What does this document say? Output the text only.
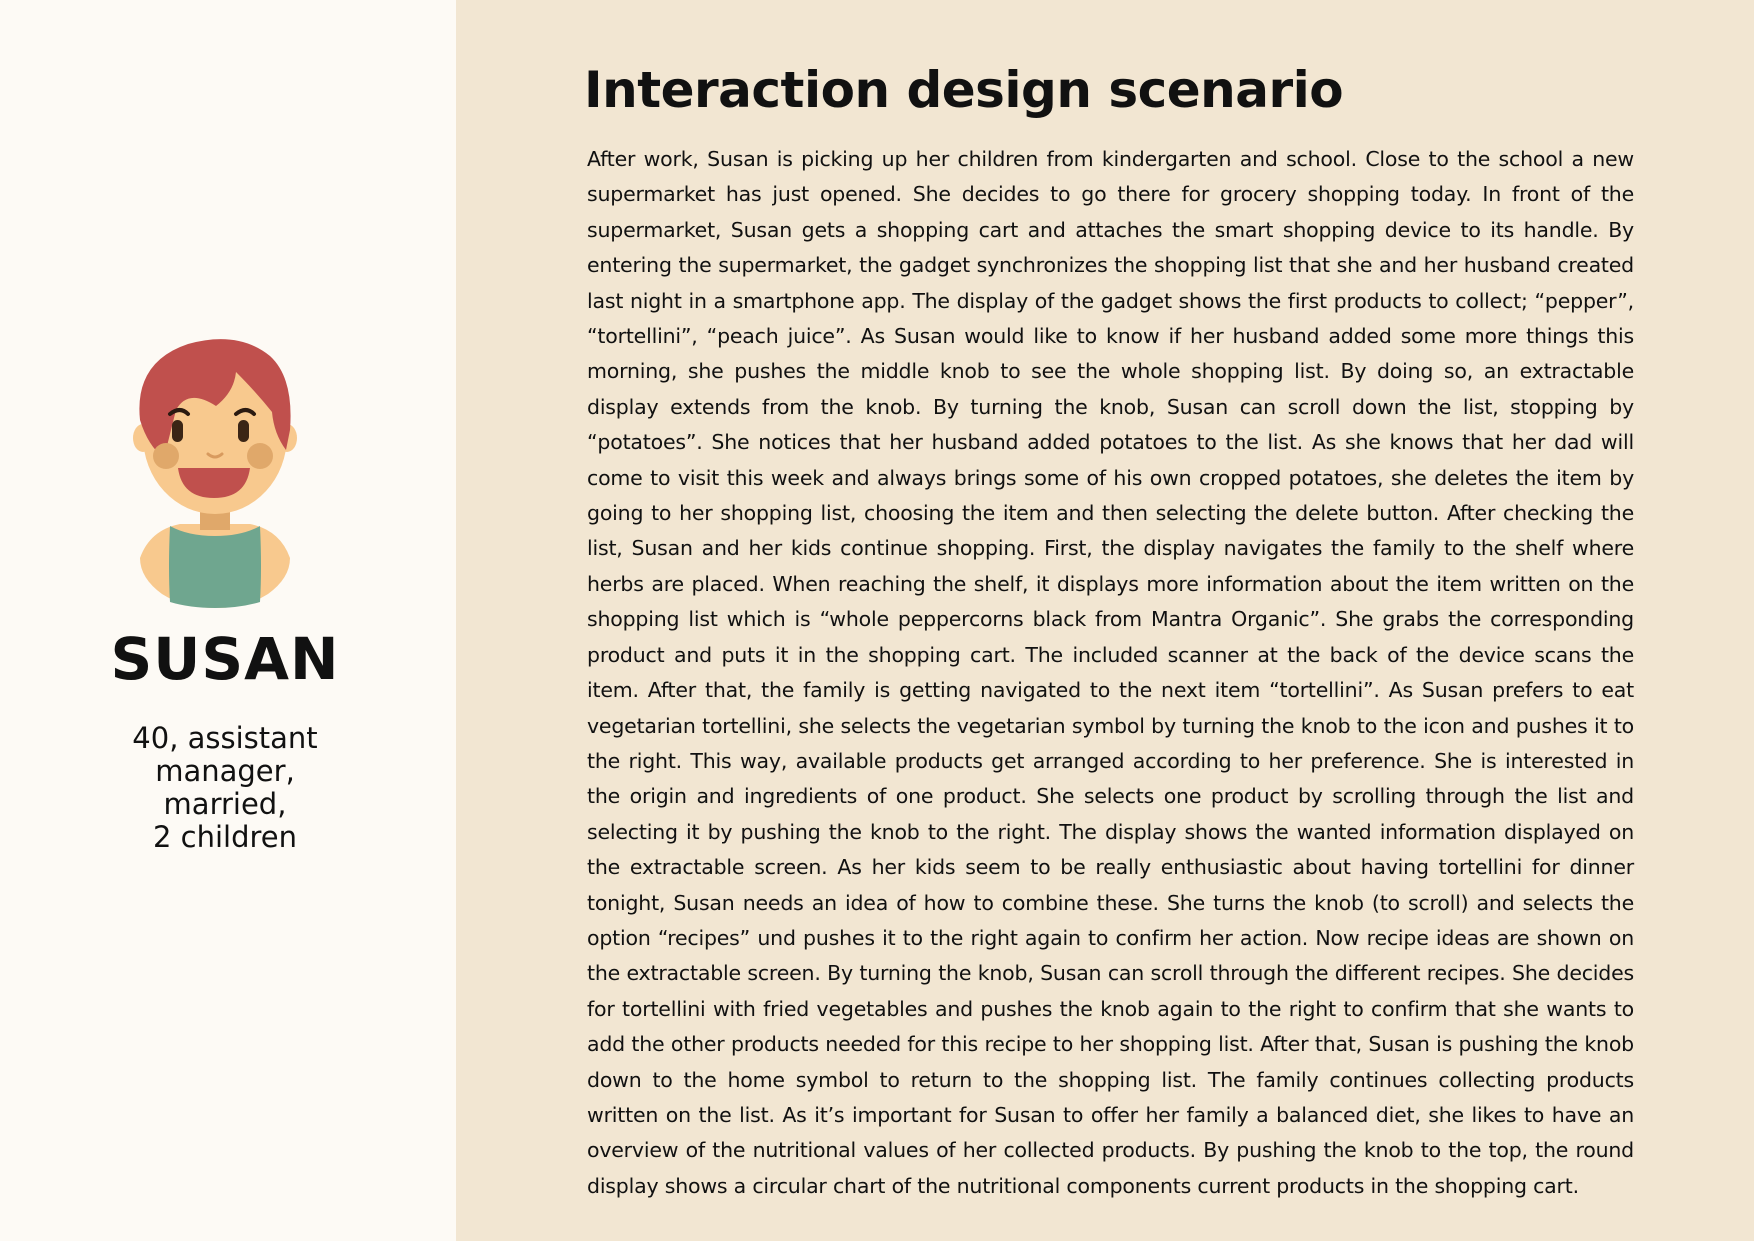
SUSAN
40, assistant
manager,
married,
2 children
Interaction design scenario

After work, Susan is picking up her children from kindergarten and school. Close to the school a new supermarket has just opened. She decides to go there for grocery shopping today. In front of the supermarket, Susan gets a shopping cart and attaches the smart shopping device to its handle. By entering the supermarket, the gadget synchronizes the shopping list that she and her husband created last night in a smartphone app. The display of the gadget shows the first products to collect; “pepper”, “tortellini”, “peach juice”. As Susan would like to know if her husband added some more things this morning, she pushes the middle knob to see the whole shopping list. By doing so, an extractable display extends from the knob. By turning the knob, Susan can scroll down the list, stopping by “potatoes”. She notices that her husband added potatoes to the list. As she knows that her dad will come to visit this week and always brings some of his own cropped potatoes, she deletes the item by going to her shopping list, choosing the item and then selecting the delete button. After checking the list, Susan and her kids continue shopping. First, the display navigates the family to the shelf where herbs are placed. When reaching the shelf, it displays more information about the item written on the shopping list which is “whole peppercorns black from Mantra Organic”. She grabs the corresponding product and puts it in the shopping cart. The included scanner at the back of the device scans the item. After that, the family is getting navigated to the next item “tortellini”. As Susan prefers to eat vegetarian tortellini, she selects the vegetarian symbol by turning the knob to the icon and pushes it to the right. This way, available products get arranged according to her preference. She is interested in the origin and ingredients of one product. She selects one product by scrolling through the list and selecting it by pushing the knob to the right. The display shows the wanted information displayed on the extractable screen. As her kids seem to be really enthusiastic about having tortellini for dinner tonight, Susan needs an idea of how to combine these. She turns the knob (to scroll) and selects the option “recipes” und pushes it to the right again to confirm her action. Now recipe ideas are shown on the extractable screen. By turning the knob, Susan can scroll through the different recipes. She decides for tortellini with fried vegetables and pushes the knob again to the right to confirm that she wants to add the other products needed for this recipe to her shopping list. After that, Susan is pushing the knob down to the home symbol to return to the shopping list. The family continues collecting products written on the list. As it’s important for Susan to offer her family a balanced diet, she likes to have an overview of the nutritional values of her collected products. By pushing the knob to the top, the round display shows a circular chart of the nutritional components current products in the shopping cart.
